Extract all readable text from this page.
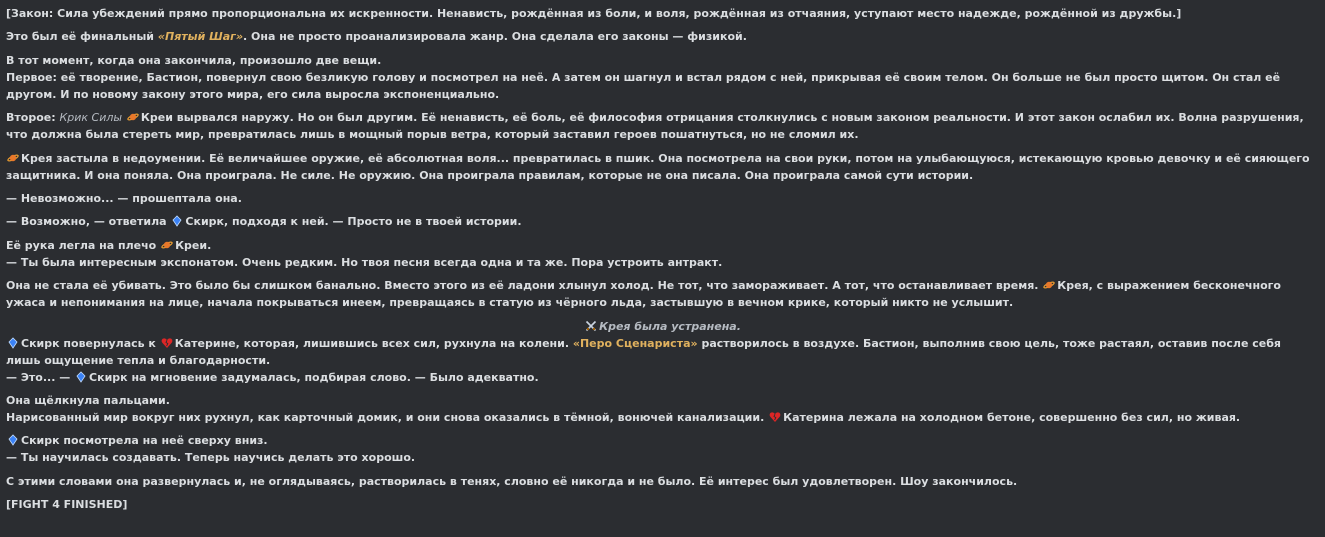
[Закон: Сила убеждений прямо пропорциональна их искренности. Ненависть, рождённая из боли, и воля, рождённая из отчаяния, уступают место надежде, рождённой из дружбы.]
Это был её финальный «Пятый Шаг». Она не просто проанализировала жанр. Она сделала его законы — физикой.
В тот момент, когда она закончила, произошло две вещи.
Первое: её творение, Бастион, повернул свою безликую голову и посмотрел на неё. А затем он шагнул и встал рядом с ней, прикрывая её своим телом. Он больше не был просто щитом. Он стал её другом. И по новому закону этого мира, его сила выросла экспоненциально.
Второе: Крик Силы Креи вырвался наружу. Но он был другим. Её ненависть, её боль, её философия отрицания столкнулись с новым законом реальности. И этот закон ослабил их. Волна разрушения, что должна была стереть мир, превратилась лишь в мощный порыв ветра, который заставил героев пошатнуться, но не сломил их.
Крея застыла в недоумении. Её величайшее оружие, её абсолютная воля... превратилась в пшик. Она посмотрела на свои руки, потом на улыбающуюся, истекающую кровью девочку и её сияющего защитника. И она поняла. Она проиграла. Не силе. Не оружию. Она проиграла правилам, которые не она писала. Она проиграла самой сути истории.
— Невозможно... — прошептала она.
— Возможно, — ответила Скирк, подходя к ней. — Просто не в твоей истории.
Её рука легла на плечо Креи.
— Ты была интересным экспонатом. Очень редким. Но твоя песня всегда одна и та же. Пора устроить антракт.
Она не стала её убивать. Это было бы слишком банально. Вместо этого из её ладони хлынул холод. Не тот, что замораживает. А тот, что останавливает время. Крея, с выражением бесконечного ужаса и непонимания на лице, начала покрываться инеем, превращаясь в статую из чёрного льда, застывшую в вечном крике, который никто не услышит.
Крея была устранена.
Скирк повернулась к Катерине, которая, лишившись всех сил, рухнула на колени. «Перо Сценариста» растворилось в воздухе. Бастион, выполнив свою цель, тоже растаял, оставив после себя лишь ощущение тепла и благодарности.
— Это... — Скирк на мгновение задумалась, подбирая слово. — Было адекватно.
Она щёлкнула пальцами.
Нарисованный мир вокруг них рухнул, как карточный домик, и они снова оказались в тёмной, вонючей канализации. Катерина лежала на холодном бетоне, совершенно без сил, но живая.
Скирк посмотрела на неё сверху вниз.
— Ты научилась создавать. Теперь научись делать это хорошо.
С этими словами она развернулась и, не оглядываясь, растворилась в тенях, словно её никогда и не было. Её интерес был удовлетворен. Шоу закончилось.
[FIGHT 4 FINISHED]
